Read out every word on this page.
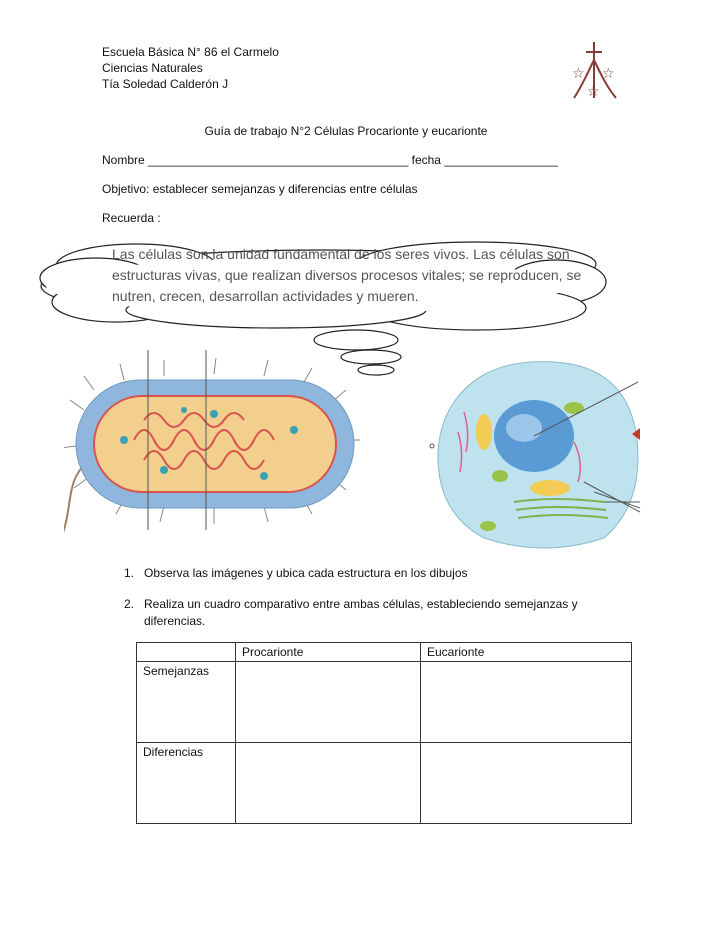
Escuela Básica N° 86 el Carmelo
Ciencias Naturales
Tía Soledad Calderón J
☆ ☆
☆
Guía de trabajo N°2 Células Procarionte y eucarionte
Nombre _______________________________________ fecha _________________
Objetivo: establecer semejanzas y diferencias entre células
Recuerda :
Las células son la unidad fundamental de los seres vivos. Las células son estructuras vivas, que realizan diversos procesos vitales; se reproducen, se nutren, crecen, desarrollan actividades y mueren.
1. Observa las imágenes y ubica cada estructura en los dibujos
2. Realiza un cuadro comparativo entre ambas células, estableciendo semejanzas y diferencias.
	Procarionte	Eucarionte
Semejanzas		
Diferencias		
